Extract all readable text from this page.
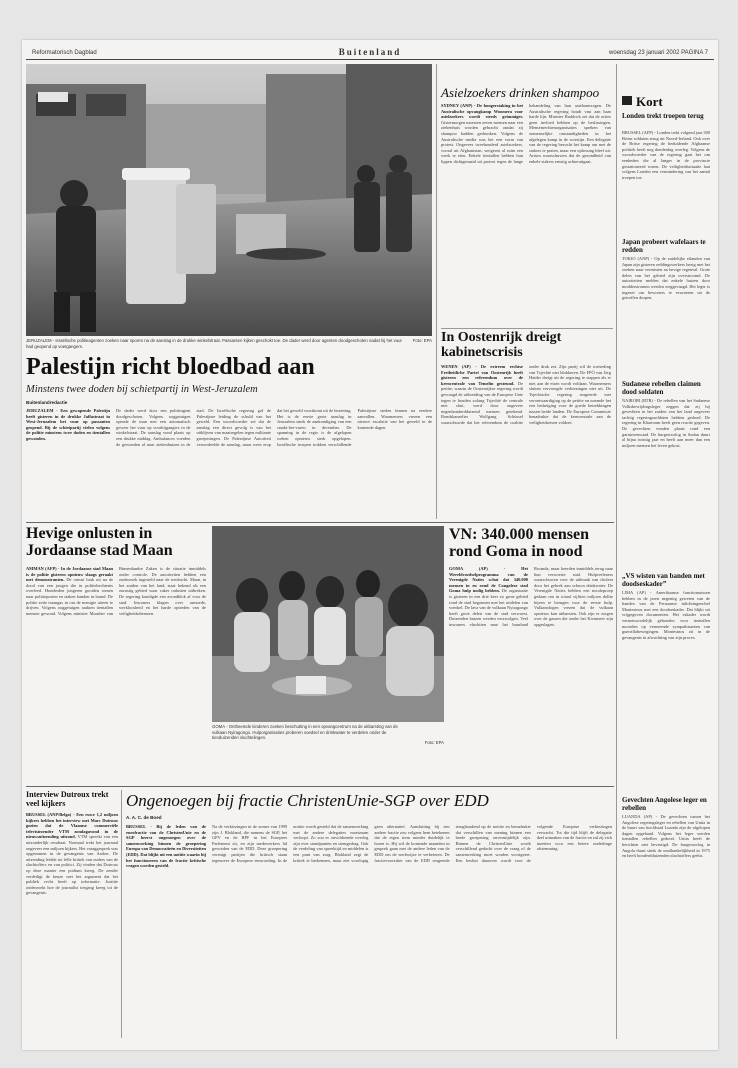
Reformatorisch Dagblad	Buitenland	woensdag 23 januari 2002 PAGINA 7
JERUZALEM - Israëlische politieagenten zoeken naar sporen na de aanslag in de drukke winkelstraat. Passanten kijken geschokt toe. De dader werd door agenten doodgeschoten nadat hij het vuur had geopend op voetgangers.
Foto: EPA
Palestijn richt bloedbad aan
Minstens twee doden bij schietpartij in West-Jeruzalem
Buitenlandredactie
JERUZALEM - Een gewapende Palestijn heeft gisteren in de drukke Jaffastraat in West-Jeruzalem het vuur op passanten geopend. Bij de schietpartij vielen volgens de politie minstens twee doden en tientallen gewonden.
De dader werd door een politieagent doodgeschoten. Volgens ooggetuigen opende de man met een automatisch geweer het vuur op voorbijgangers in de winkelstraat. De aanslag vond plaats op een drukke middag. Ambulances voerden de gewonden af naar ziekenhuizen in de stad. De Israëlische regering gaf de Palestijnse leiding de schuld van het geweld. Een woordvoerder zei dat de aanslag een direct gevolg is van het uitblijven van maatregelen tegen militante groeperingen. De Palestijnse Autoriteit veroordeelde de aanslag, maar wees erop dat het geweld voortkomt uit de bezetting. Het is de eerste grote aanslag in Jeruzalem sinds de aankondiging van een staakt-het-vuren in december. De spanning in de regio is de afgelopen weken opnieuw sterk opgelopen. Israëlische troepen trokken verschillende Palestijnse steden binnen na eerdere aanvallen. Waarnemers vrezen een nieuwe escalatie van het geweld in de komende dagen.
Asielzoekers drinken shampoo
SYDNEY (ANP) - De hongerstaking in het Australische opvangkamp Woomera voor asielzoekers wordt steeds grimmiger. Gistermorgen moesten zeven mensen naar een ziekenhuis worden gebracht omdat zij shampoo hadden gedronken. Volgens de Australische media was het een vorm van protest. Ongeveer tweehonderd asielzoekers, vooral uit Afghanistan, weigeren al ruim een week te eten. Enkele tientallen hebben hun lippen dichtgenaaid uit protest tegen de lange behandeling van hun asielaanvragen. De Australische regering houdt vast aan haar harde lijn. Minister Ruddock zei dat de acties geen invloed hebben op de beslissingen. Mensenrechtenorganisaties spreken van onmenselijke omstandigheden in het afgelegen kamp in de woestijn. Een delegatie van de regering bezocht het kamp om met de stakers te praten, maar een oplossing bleef uit. Artsen waarschuwen dat de gezondheid van enkele stakers ernstig achteruitgaat.
In Oostenrijk dreigt kabinetscrisis
WENEN (AP) - De extreem rechtse Freiheitliche Partei van Oostenrijk heeft gisteren een referendum over de kerncentrale van Temelín gesteund. De petitie, waarin de Oostenrijkse regering wordt gevraagd de uitbreiding van de Europese Unie tegen te houden zolang Tsjechië de centrale niet sluit, werd door ongeveer negenhonderdduizend mensen getekend. Bondskanselier Wolfgang Schüssel waarschuwde dat het referendum de coalitie onder druk zet. Zijn partij wil de toetreding van Tsjechië niet blokkeren. De FPÖ van Jörg Haider dreigt uit de regering te stappen als er niet aan de eisen wordt voldaan. Waarnemers sluiten vervroegde verkiezingen niet uit. De Tsjechische regering reageerde met verontwaardiging op de petitie en noemde het een bedreiging voor de goede betrekkingen tussen beide landen. De Europese Commissie benadrukte dat de kerncentrale aan de veiligheidseisen voldoet.
Kort
Londen trekt troepen terug
BRUSSEL (AFP) - Londen trekt volgend jaar 300 Britse soldaten terug uit Noord-Ierland. Ook over de Britse regering de beduidende Afghaanse politiek heeft nog donderdag overleg. Volgens de woordvoerder van de regering gaat het om eenheden die al langer in de provincie gestationeerd waren. De veiligheidssituatie laat volgens Londen een vermindering van het aantal troepen toe.
Japan probeert wafelaars te redden
TOKIO (ANP) - Op de zuidelijke eilanden van Japan zijn gisteren reddingswerkers bezig met het zoeken naar vermisten na hevige regenval. Grote delen van het gebied zijn overstroomd. De autoriteiten melden dat enkele huizen door modderstromen werden weggevaagd. Het leger is ingezet om bewoners te evacueren uit de getroffen dorpen.
Sudanese rebellen claimen dood soldaten
NAIROBI (RTR) - De rebellen van het Sudanese Volksbevrijdingsleger zeggen dat zij bij gevechten in het zuiden van het land ongeveer tachtig regeringssoldaten hebben gedood. De regering in Khartoum heeft geen reactie gegeven. De gevechten vonden plaats rond een garnizoensstad. De burgeroorlog in Sudan duurt al bijna twintig jaar en heeft aan meer dan een miljoen mensen het leven gekost.
„VS wisten van banden met doodseskader”
LIMA (AP) - Amerikaanse functionarissen hebben in de jaren negentig geweten van de banden van de Peruaanse inlichtingenchef Montesinos met een doodseskader. Dat blijkt uit vrijgegeven documenten. Het eskader wordt verantwoordelijk gehouden voor tientallen moorden op vermeende sympathisanten van guerrillabewegingen. Montesinos zit in de gevangenis in afwachting van zijn proces.
Gevechten Angolese leger en rebellen
LUANDA (AP) - De gevechten tussen het Angolese regeringsleger en rebellen van Unita in de buurt van hoofdstad Luanda zijn de afgelopen dagen opgelaaid. Volgens het leger werden tientallen rebellen gedood. Unita heeft de berichten niet bevestigd. De burgeroorlog in Angola duurt sinds de onafhankelijkheid in 1975 en heeft honderdduizenden slachtoffers geëist.
Hevige onlusten in Jordaanse stad Maan
AMMAN (AFP) - In de Jordaanse stad Maan is de politie gisteren opnieuw slaags geraakt met demonstranten. De onrust brak uit na de dood van een jongen die in politiehechtenis overleed. Honderden jongeren gooiden stenen naar politieposten en staken banden in brand. De politie zette traangas in om de menigte uiteen te drijven. Volgens ooggetuigen raakten tientallen mensen gewond. Volgens minister Muasher van Binnenlandse Zaken is de situatie inmiddels onder controle. De autoriteiten hebben een onderzoek ingesteld naar de toedracht. Maan, in het zuiden van het land, staat bekend als een onrustig gebied waar vaker onlusten uitbreken. De regering kondigde een avondklok af voor de stad. Inwoners klagen over armoede, werkloosheid en het harde optreden van de veiligheidsdiensten.
GOMA - Ontheemde kinderen zoeken beschutting in een opvangcentrum na de uitbarsting van de vulkaan Nyiragongo. Hulporganisaties proberen voedsel en drinkwater te verdelen onder de tienduizenden vluchtelingen.
Foto: EPA
VN: 340.000 mensen rond Goma in nood
GOMA (AP) - Het Wereldvoedselprogramma van de Verenigde Naties schat dat 340.000 mensen in en rond de Congolese stad Goma hulp nodig hebben. De organisatie is gisteren in een drie keer zo grote gebied rond de stad begonnen met het uitdelen van voedsel. De lava van de vulkaan Nyiragongo heeft grote delen van de stad verwoest. Duizenden huizen werden verzwolgen. Veel inwoners vluchtten naar het buurland Rwanda, maar keerden inmiddels terug naar hun verwoeste stad. Hulpverleners waarschuwen voor de uitbraak van cholera door het gebrek aan schoon drinkwater. De Verenigde Naties hebben een noodoproep gedaan om in totaal vijftien miljoen dollar bijeen te brengen voor de eerste hulp. Vulkanologen vrezen dat de vulkaan opnieuw kan uitbarsten. Ook zijn er zorgen over de gassen die onder het Kivumeer zijn opgeslagen.
Interview Dutroux trekt veel kijkers
BRUSSEL (ANP/Belga) - Een ruwe 1,2 miljoen kijkers hebben het interview met Marc Dutroux gezien dat de Vlaamse commerciële televisiezender VTM zondagavond in de nieuwsuitzending uitzond. VTM spreekt van een uitzonderlijk resultaat. Normaal trekt het journaal ongeveer een miljoen kijkers. Het vraaggesprek was opgenomen in de gevangenis van Aarlen. De uitzending leidde tot felle kritiek van ouders van de slachtoffers en van politici. Zij vinden dat Dutroux op deze manier een podium kreeg. De zender verdedigt de keuze met het argument dat het publiek recht heeft op informatie. Justitie onderzoekt hoe de journalist toegang kreeg tot de gevangenis.
Ongenoegen bij fractie ChristenUnie-SGP over EDD
A. A. C. de Boed
BRUSSEL - Bij de leden van de eurofractie van de ChristenUnie en de SGP heerst ongenoegen over de samenwerking binnen de groepering Europa van Democratieën en Diversiteiten (EDD). Dat blijkt uit een notitie waarin bij het functioneren van de fractie kritische vragen worden gesteld.
Na de verkiezingen in de zomer van 1999 zijn J. Blokland, die namens de SGP, het GPV en de RPF in het Europees Parlement zit, en zijn medewerkers lid geworden van de EDD. Deze groepering verenigt partijen die kritisch staan tegenover de Europese eenwording. In de notitie wordt gesteld dat de samenwerking met de andere delegaties moeizaam verloopt. Zo zou er onvoldoende overleg zijn over standpunten en stemgedrag. Ook de verdeling van spreektijd en middelen is een punt van zorg. Blokland zegt de kritiek te herkennen, maar ziet voorlopig geen alternatief. Aansluiting bij een andere fractie zou volgens hem betekenen dat de eigen stem minder duidelijk te horen is. Hij wil de komende maanden in gesprek gaan met de andere leden van de EDD om de werkwijze te verbeteren. De fractievoorzitter van de EDD reageerde terughoudend op de notitie en benadrukte dat verschillen van mening binnen een brede groepering onvermijdelijk zijn. Binnen de ChristenUnie wordt verschillend gedacht over de vraag of de samenwerking moet worden voortgezet. Een besluit daarover wordt voor de volgende Europese verkiezingen verwacht. Tot die tijd blijft de delegatie deel uitmaken van de fractie en zal zij zich inzetten voor een betere onderlinge afstemming.
